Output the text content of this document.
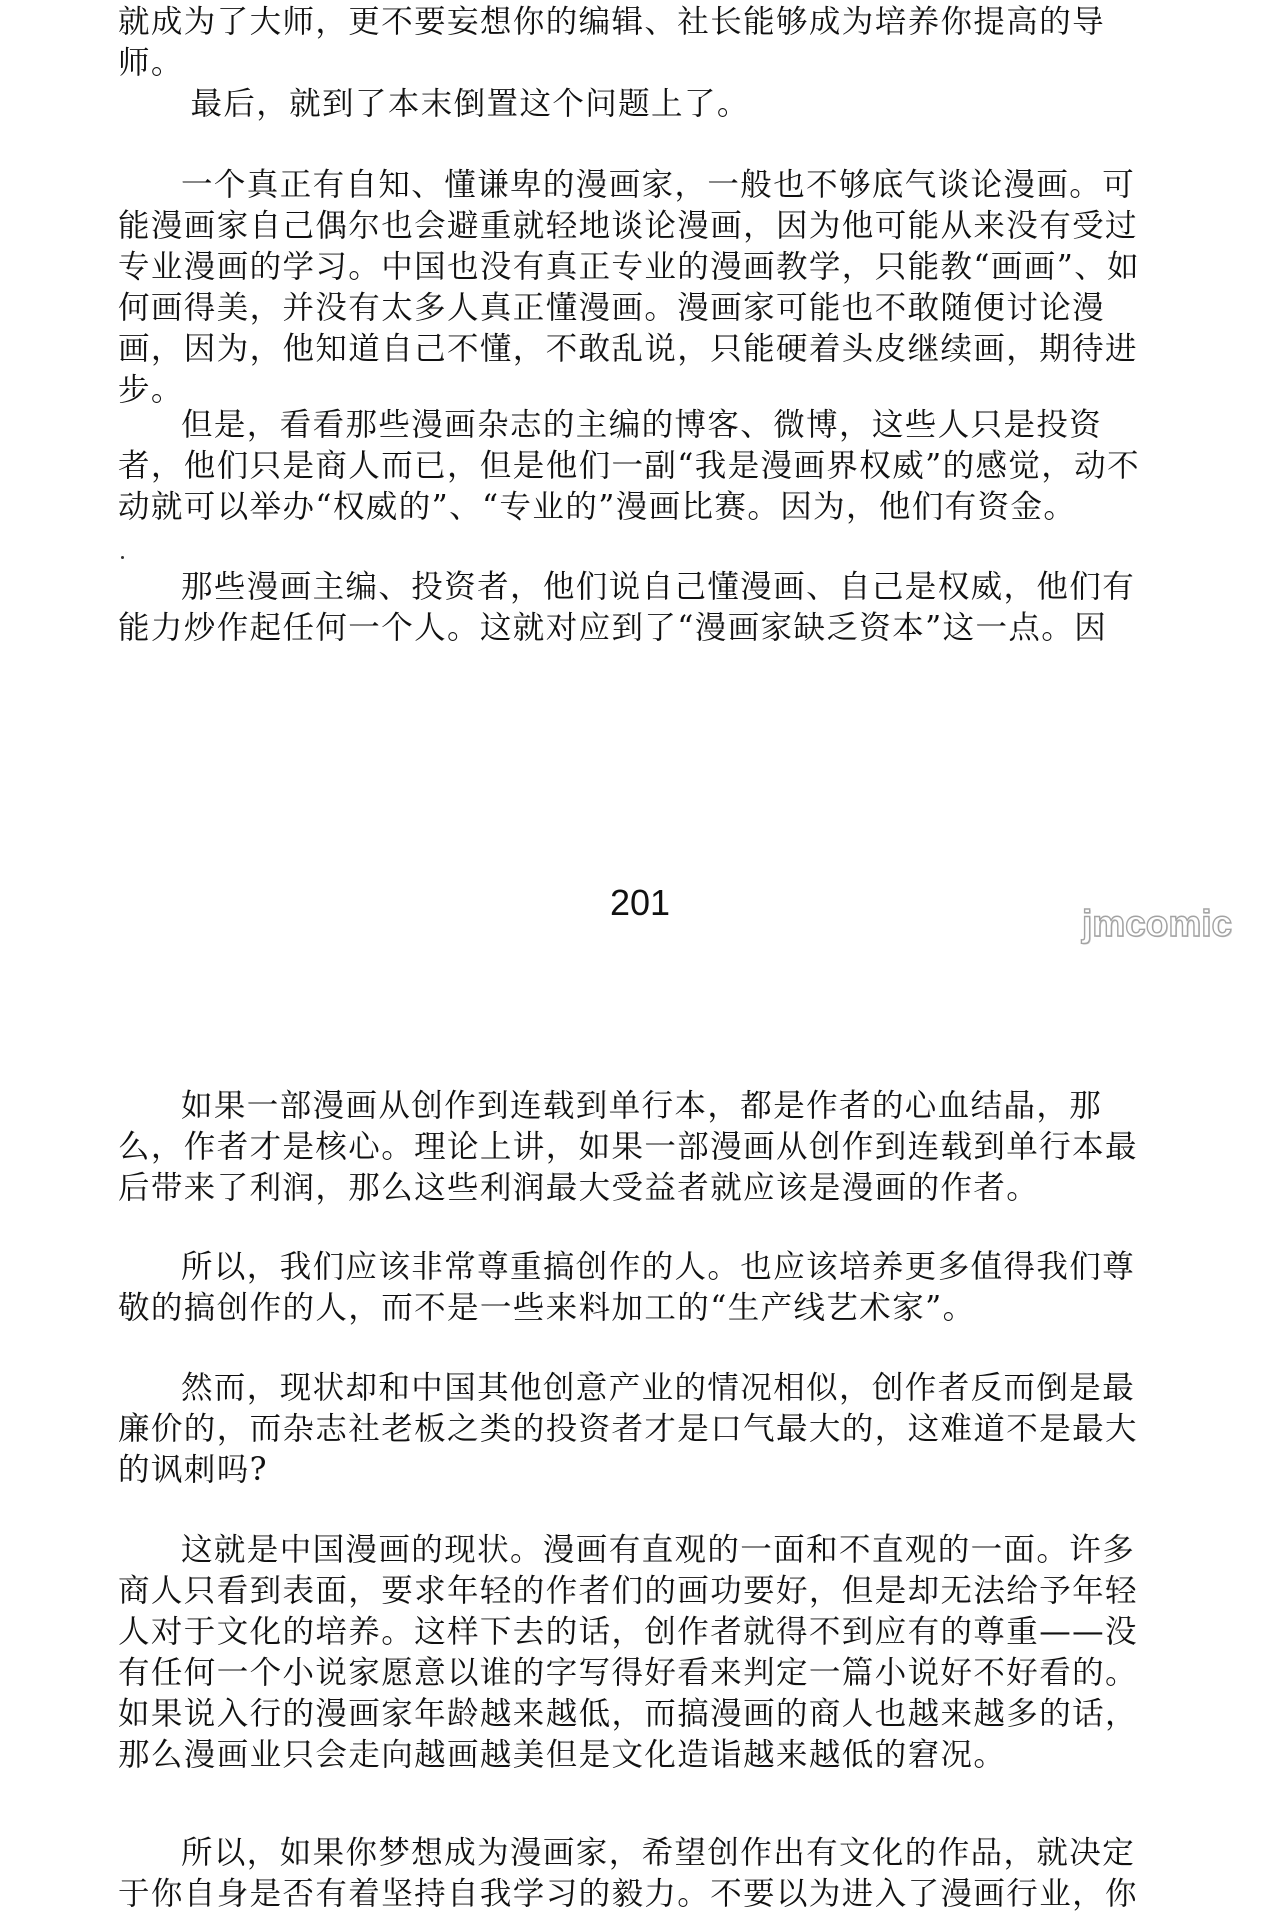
就成为了大师，更不要妄想你的编辑、社长能够成为培养你提高的导师。

最后，就到了本末倒置这个问题上了。

一个真正有自知、懂谦卑的漫画家，一般也不够底气谈论漫画。可能漫画家自己偶尔也会避重就轻地谈论漫画，因为他可能从来没有受过专业漫画的学习。中国也没有真正专业的漫画教学，只能教“画画”、如何画得美，并没有太多人真正懂漫画。漫画家可能也不敢随便讨论漫画，因为，他知道自己不懂，不敢乱说，只能硬着头皮继续画，期待进步。

但是，看看那些漫画杂志的主编的博客、微博，这些人只是投资者，他们只是商人而已，但是他们一副“我是漫画界权威”的感觉，动不动就可以举办“权威的”、“专业的”漫画比赛。因为，他们有资金。

那些漫画主编、投资者，他们说自己懂漫画、自己是权威，他们有能力炒作起任何一个人。这就对应到了“漫画家缺乏资本”这一点。因

201
jmcomic

如果一部漫画从创作到连载到单行本，都是作者的心血结晶，那么，作者才是核心。理论上讲，如果一部漫画从创作到连载到单行本最后带来了利润，那么这些利润最大受益者就应该是漫画的作者。

所以，我们应该非常尊重搞创作的人。也应该培养更多值得我们尊敬的搞创作的人，而不是一些来料加工的“生产线艺术家”。

然而，现状却和中国其他创意产业的情况相似，创作者反而倒是最廉价的，而杂志社老板之类的投资者才是口气最大的，这难道不是最大的讽刺吗?

这就是中国漫画的现状。漫画有直观的一面和不直观的一面。许多商人只看到表面，要求年轻的作者们的画功要好，但是却无法给予年轻人对于文化的培养。这样下去的话，创作者就得不到应有的尊重——没有任何一个小说家愿意以谁的字写得好看来判定一篇小说好不好看的。如果说入行的漫画家年龄越来越低，而搞漫画的商人也越来越多的话，那么漫画业只会走向越画越美但是文化造诣越来越低的窘况。

所以，如果你梦想成为漫画家，希望创作出有文化的作品，就决定于你自身是否有着坚持自我学习的毅力。不要以为进入了漫画行业，你
